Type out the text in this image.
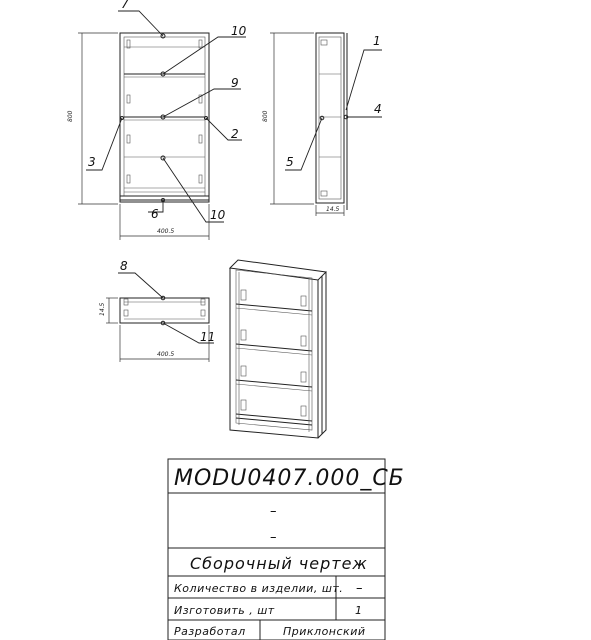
800
400.5
7
10
9
2
3
6	10
800
14.5
1
4
5
14.5
400.5
8
11
MODU0407.000_СБ
–
–
Сборочный чертеж
Количество в изделии, шт. –
Изготовить , шт	1
Разработал	Приклонский
